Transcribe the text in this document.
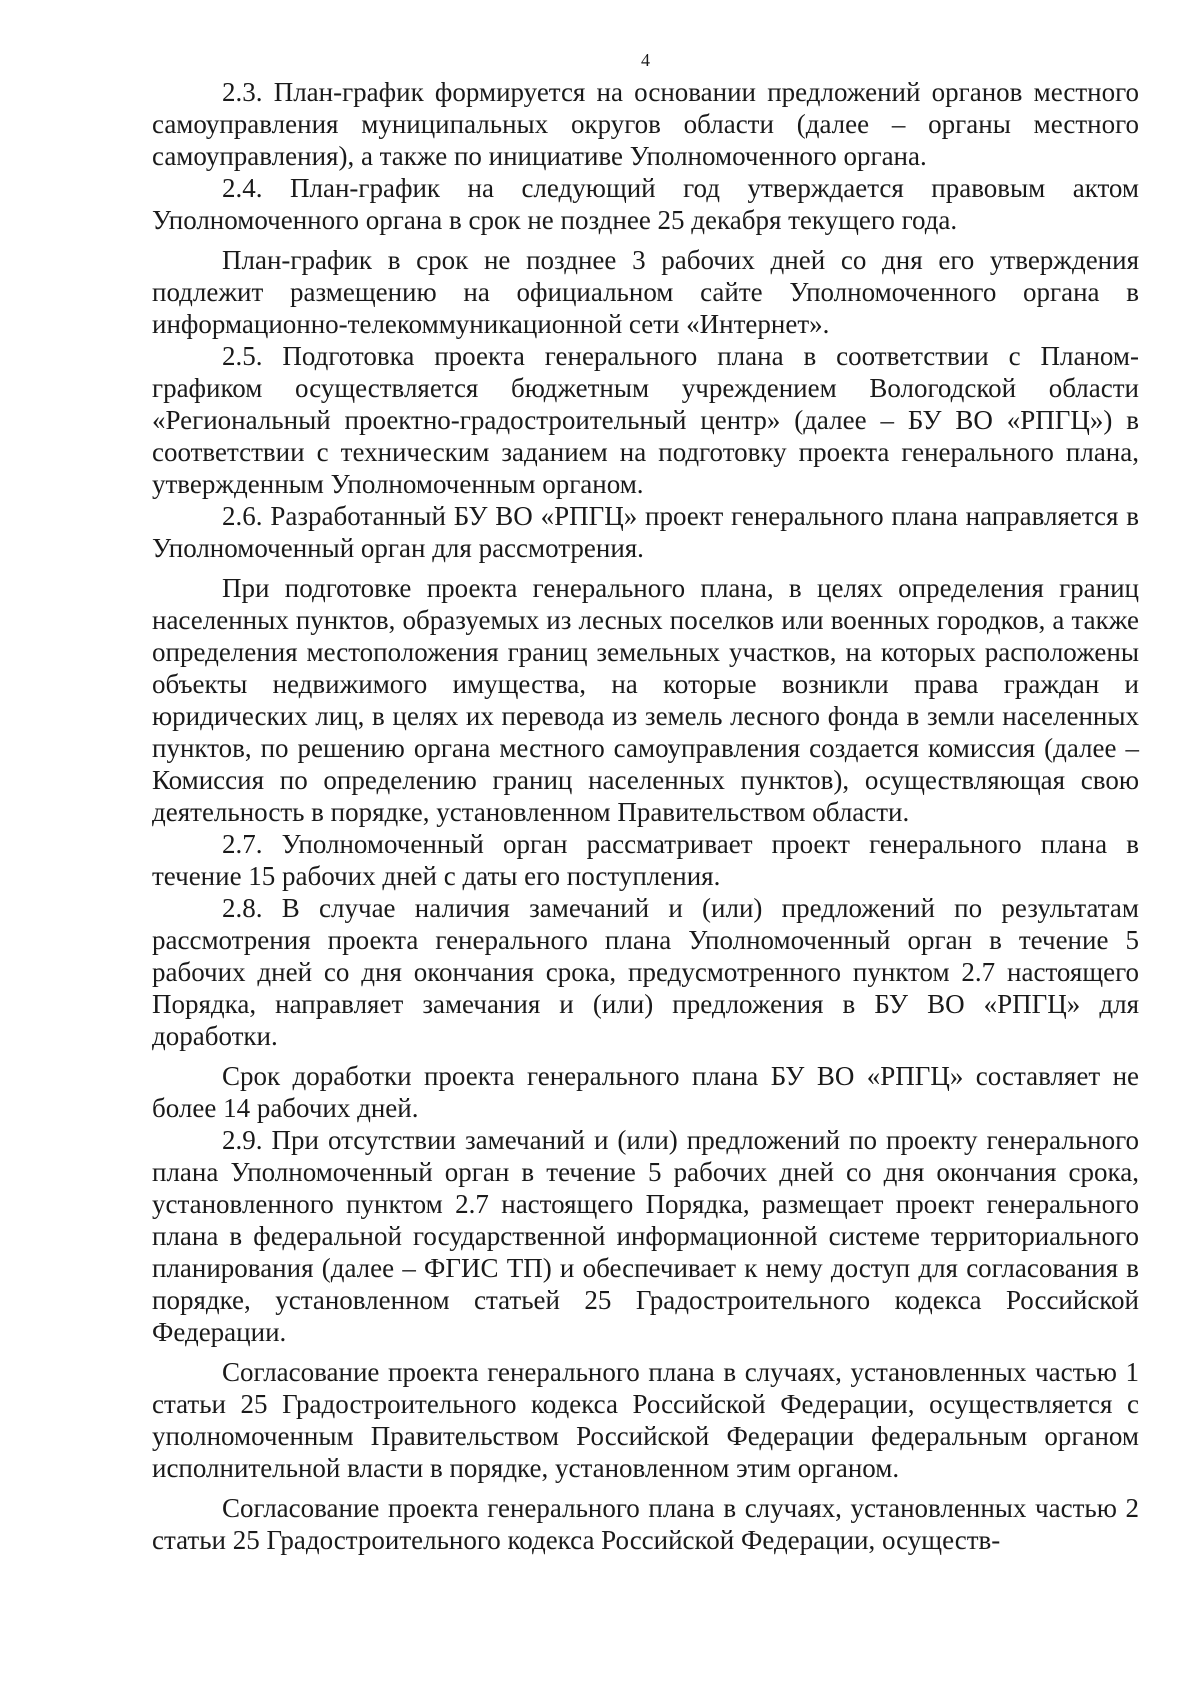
4

2.3. План-график формируется на основании предложений органов местного самоуправления муниципальных округов области (далее – органы местного самоуправления), а также по инициативе Уполномоченного органа.

2.4. План-график на следующий год утверждается правовым актом Уполномоченного органа в срок не позднее 25 декабря текущего года.

План-график в срок не позднее 3 рабочих дней со дня его утверждения подлежит размещению на официальном сайте Уполномоченного органа в информационно-телекоммуникационной сети «Интернет».

2.5. Подготовка проекта генерального плана в соответствии с Планом-графиком осуществляется бюджетным учреждением Вологодской области «Региональный проектно-градостроительный центр» (далее – БУ ВО «РПГЦ») в соответствии с техническим заданием на подготовку проекта генерального плана, утвержденным Уполномоченным органом.

2.6. Разработанный БУ ВО «РПГЦ» проект генерального плана направляется в Уполномоченный орган для рассмотрения.

При подготовке проекта генерального плана, в целях определения границ населенных пунктов, образуемых из лесных поселков или военных городков, а также определения местоположения границ земельных участков, на которых расположены объекты недвижимого имущества, на которые возникли права граждан и юридических лиц, в целях их перевода из земель лесного фонда в земли населенных пунктов, по решению органа местного самоуправления создается комиссия (далее – Комиссия по определению границ населенных пунктов), осуществляющая свою деятельность в порядке, установленном Правительством области.

2.7. Уполномоченный орган рассматривает проект генерального плана в течение 15 рабочих дней с даты его поступления.

2.8. В случае наличия замечаний и (или) предложений по результатам рассмотрения проекта генерального плана Уполномоченный орган в течение 5 рабочих дней со дня окончания срока, предусмотренного пунктом 2.7 настоящего Порядка, направляет замечания и (или) предложения в БУ ВО «РПГЦ» для доработки.

Срок доработки проекта генерального плана БУ ВО «РПГЦ» составляет не более 14 рабочих дней.

2.9. При отсутствии замечаний и (или) предложений по проекту генерального плана Уполномоченный орган в течение 5 рабочих дней со дня окончания срока, установленного пунктом 2.7 настоящего Порядка, размещает проект генерального плана в федеральной государственной информационной системе территориального планирования (далее – ФГИС ТП) и обеспечивает к нему доступ для согласования в порядке, установленном статьей 25 Градостроительного кодекса Российской Федерации.

Согласование проекта генерального плана в случаях, установленных частью 1 статьи 25 Градостроительного кодекса Российской Федерации, осуществляется с уполномоченным Правительством Российской Федерации федеральным органом исполнительной власти в порядке, установленном этим органом.

Согласование проекта генерального плана в случаях, установленных частью 2 статьи 25 Градостроительного кодекса Российской Федерации, осуществ-
